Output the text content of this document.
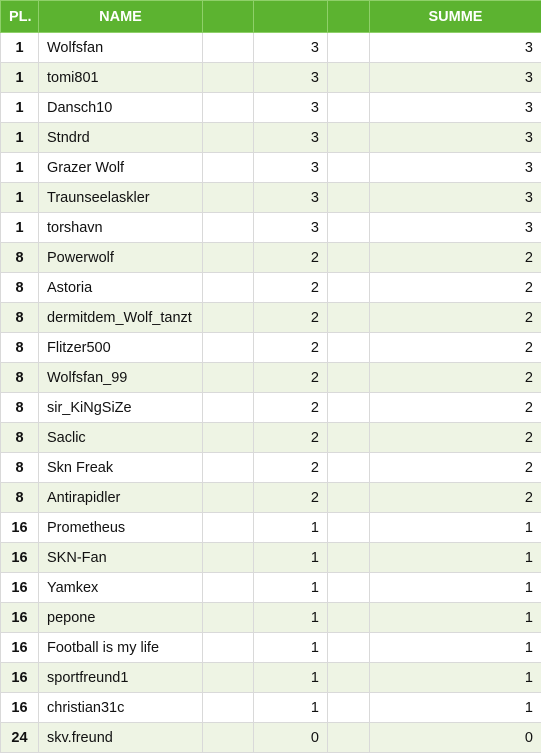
PL.	NAME				SUMME
1	Wolfsfan		3		3
1	tomi801		3		3
1	Dansch10		3		3
1	Stndrd		3		3
1	Grazer Wolf		3		3
1	Traunseelaskler		3		3
1	torshavn		3		3
8	Powerwolf		2		2
8	Astoria		2		2
8	dermitdem_Wolf_tanzt		2		2
8	Flitzer500		2		2
8	Wolfsfan_99		2		2
8	sir_KiNgSiZe		2		2
8	Saclic		2		2
8	Skn Freak		2		2
8	Antirapidler		2		2
16	Prometheus		1		1
16	SKN-Fan		1		1
16	Yamkex		1		1
16	pepone		1		1
16	Football is my life		1		1
16	sportfreund1		1		1
16	christian31c		1		1
24	skv.freund		0		0
